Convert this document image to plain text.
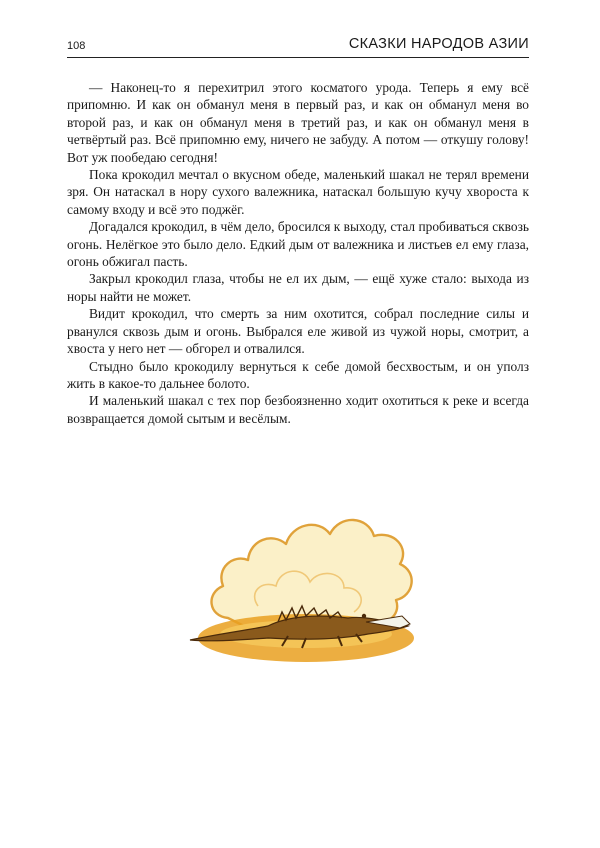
108	СКАЗКИ НАРОДОВ АЗИИ

— Наконец-то я перехитрил этого косматого урода. Теперь я ему всё припомню. И как он обманул меня в первый раз, и как он обманул меня во второй раз, и как он обманул меня в третий раз, и как он обманул меня в четвёртый раз. Всё припомню ему, ничего не забуду. А потом — откушу голову! Вот уж пообедаю сегодня!

Пока крокодил мечтал о вкусном обеде, маленький шакал не терял времени зря. Он натаскал в нору сухого валежника, натаскал большую кучу хвороста к самому входу и всё это поджёг.

Догадался крокодил, в чём дело, бросился к выходу, стал пробиваться сквозь огонь. Нелёгкое это было дело. Едкий дым от валежника и листьев ел ему глаза, огонь обжигал пасть.

Закрыл крокодил глаза, чтобы не ел их дым, — ещё хуже стало: выхода из норы найти не может.

Видит крокодил, что смерть за ним охотится, собрал последние силы и рванулся сквозь дым и огонь. Выбрался еле живой из чужой норы, смотрит, а хвоста у него нет — обгорел и отвалился.

Стыдно было крокодилу вернуться к себе домой бесхвостым, и он уполз жить в какое-то дальнее болото.

И маленький шакал с тех пор безбоязненно ходит охотиться к реке и всегда возвращается домой сытым и весёлым.
